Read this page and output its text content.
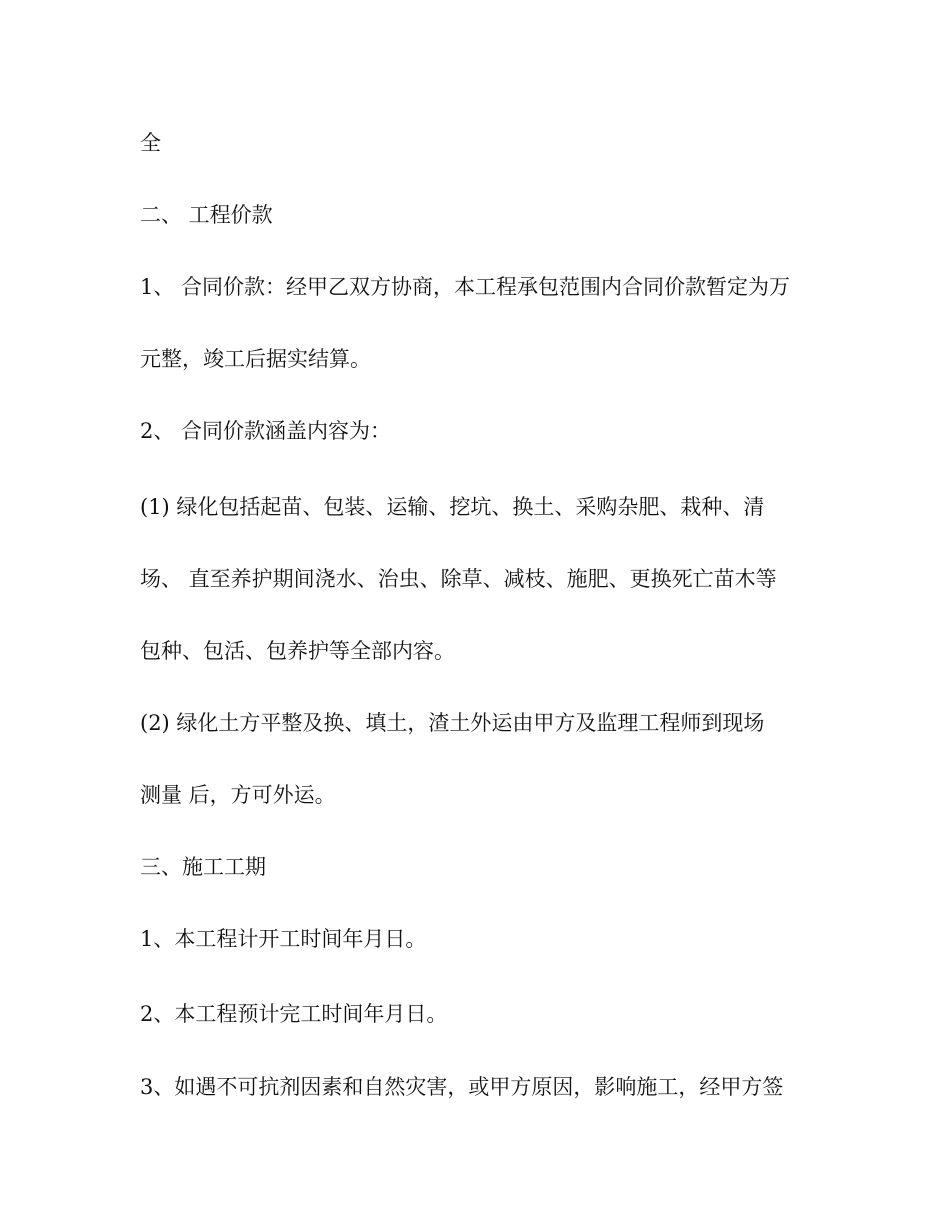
全

二、 工程价款

1、 合同价款：经甲乙双方协商，本工程承包范围内合同价款暂定为万

元整，竣工后据实结算。

2、 合同价款涵盖内容为：

(1) 绿化包括起苗、包装、运输、挖坑、换土、采购杂肥、栽种、清

场、 直至养护期间浇水、治虫、除草、减枝、施肥、更换死亡苗木等

包种、包活、包养护等全部内容。

(2) 绿化土方平整及换、填土，渣土外运由甲方及监理工程师到现场

测量 后，方可外运。

三、施工工期

1、本工程计开工时间年月日。

2、本工程预计完工时间年月日。

3、如遇不可抗剂因素和自然灾害，或甲方原因，影响施工，经甲方签
